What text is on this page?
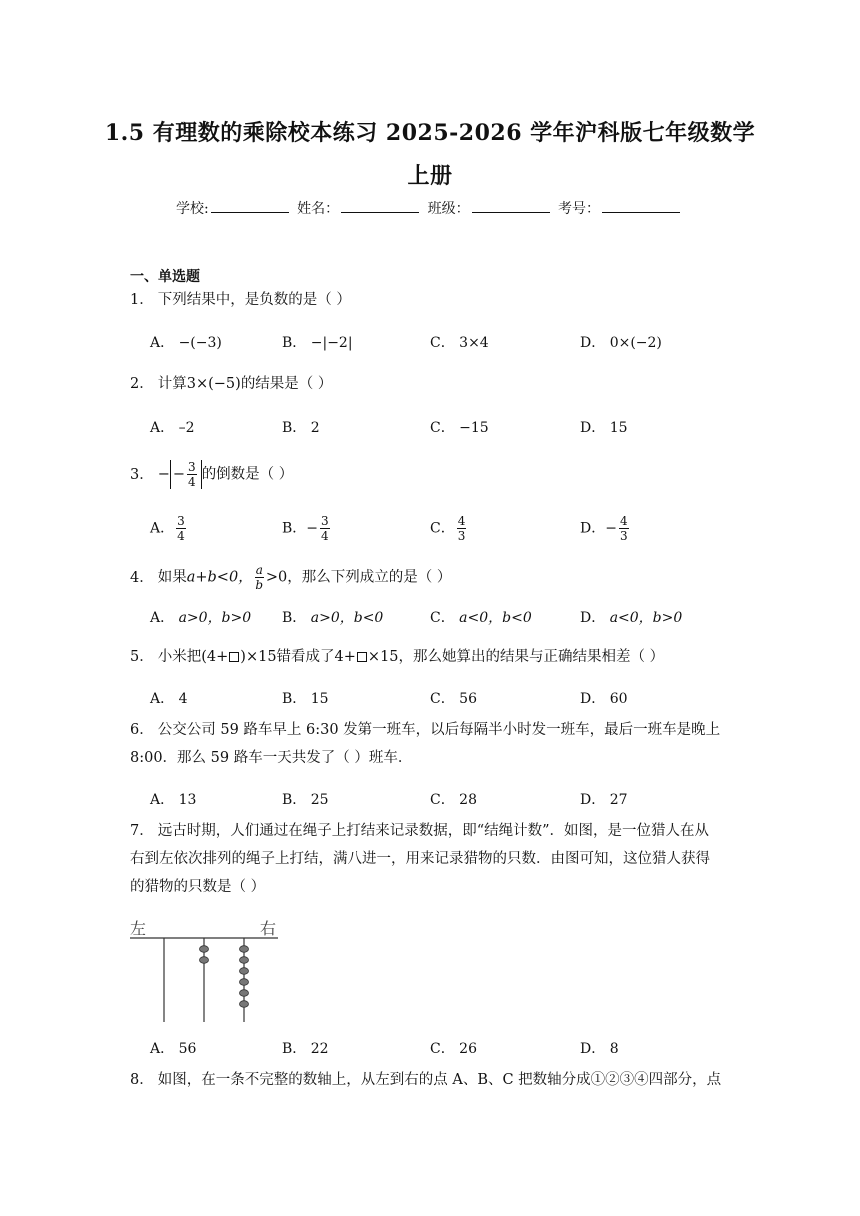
1.5 有理数的乘除校本练习 2025-2026 学年沪科版七年级数学
上册
学校:	姓名：	班级：	考号：
一、单选题
1． 下列结果中，是负数的是（ ）
A． −(−3)	B． −|−2|	C． 3×4	D． 0×(−2)
2． 计算3×(−5)的结果是（ ）
A． –2	B． 2	C． −15	D． 15
3． − − $\frac{3}{4}$ 的倒数是（ ）
A． $\frac{3}{4}$	B．− $\frac{3}{4}$	C． $\frac{4}{3}$	D．− $\frac{4}{3}$
4． 如果a+b<0， $\frac{a}{b} >0$，那么下列成立的是（ ）
A． a>0，b>0 B． a>0，b<0	C． a<0，b<0	D． a<0，b>0
5． 小米把(4+ )×15错看成了4+ ×15，那么她算出的结果与正确结果相差（ ）
A． 4	B． 15	C． 56	D． 60
6． 公交公司 59 路车早上 6:30 发第一班车，以后每隔半小时发一班车，最后一班车是晚上
8:00．那么 59 路车一天共发了（ ）班车．
A． 13	B． 25	C． 28	D． 27
7． 远古时期，人们通过在绳子上打结来记录数据，即“结绳计数”．如图，是一位猎人在从
右到左依次排列的绳子上打结，满八进一，用来记录猎物的只数．由图可知，这位猎人获得
的猎物的只数是（ ）
左	右
A． 56	B． 22	C． 26	D． 8
8． 如图，在一条不完整的数轴上，从左到右的点 A、B、C 把数轴分成①②③④四部分，点
